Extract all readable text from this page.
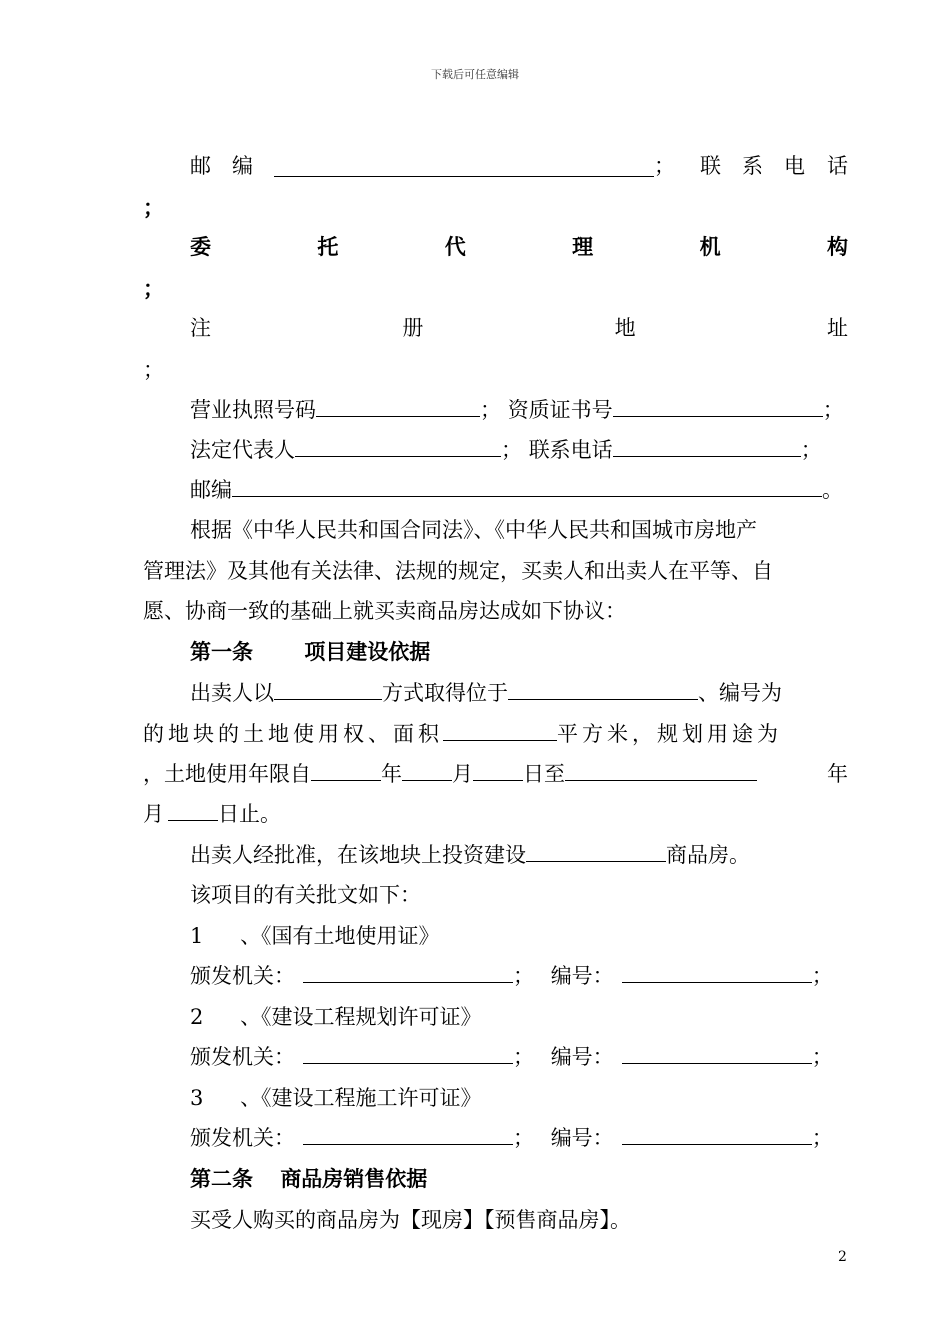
下载后可任意编辑
邮 编	； 联 系 电 话
；
委	托	代	理	机	构
；
注	册	地	址
；
营业执照号码	； 资质证书号	；
法定代表人	； 联系电话	；
邮编	。
根据《中华人民共和国合同法》、《中华人民共和国城市房地产
管理法》及其他有关法律、法规的规定，买卖人和出卖人在平等、自
愿、协商一致的基础上就买卖商品房达成如下协议：
第一条 项目建设依据
出卖人以	方式取得位于	、编号为
的地块的土地使用权、面积	平方米，规划用途为
，土地使用年限自	年 月 日至	年
月	日止。
出卖人经批准，在该地块上投资建设	商品房。
该项目的有关批文如下：
1 、《国有土地使用证》
颁发机关：	； 编号：	；
2 、《建设工程规划许可证》
颁发机关：	； 编号：	；
3 、《建设工程施工许可证》
颁发机关：	； 编号：	；
第二条 商品房销售依据
买受人购买的商品房为【现房】【预售商品房】。
2
